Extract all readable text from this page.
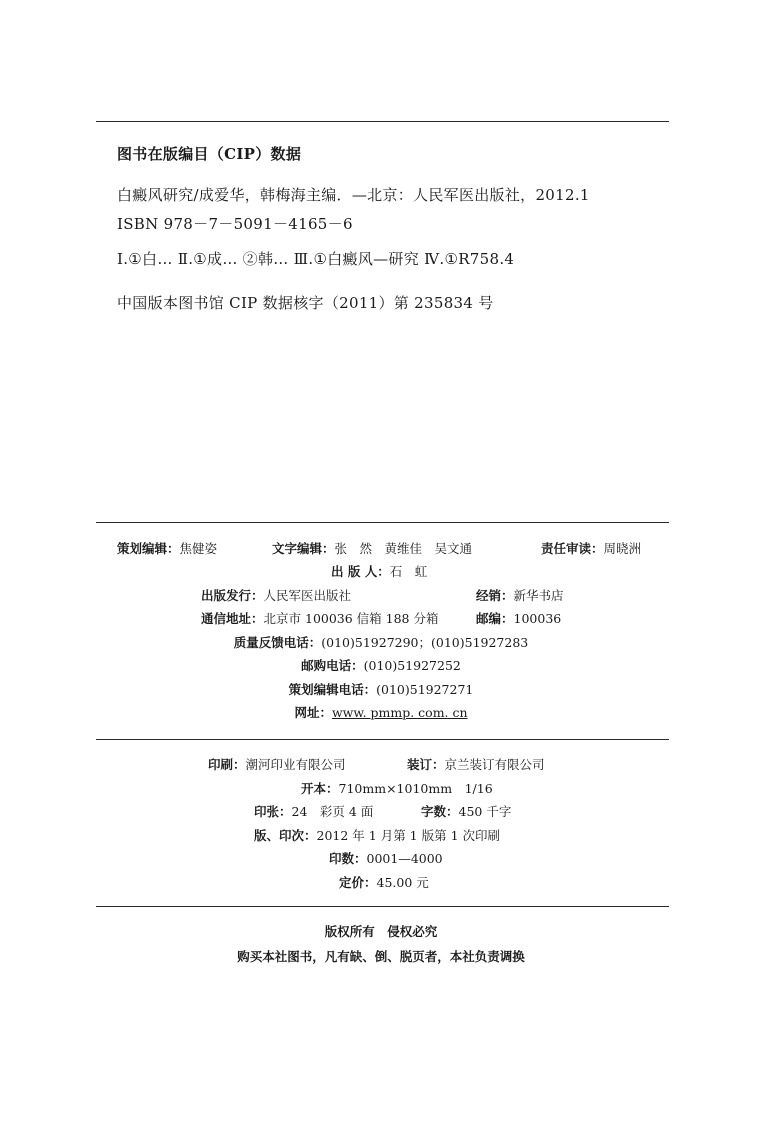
图书在版编目（CIP）数据
白癜风研究/成爱华，韩梅海主编．—北京：人民军医出版社，2012.1
ISBN 978－7－5091－4165－6
Ⅰ.①白… Ⅱ.①成… ②韩… Ⅲ.①白癜风—研究 Ⅳ.①R758.4
中国版本图书馆 CIP 数据核字（2011）第 235834 号
策划编辑：焦健姿	文字编辑：张　然　黄维佳　吴文通	责任审读：周晓洲
出 版 人：石　虹
出版发行：人民军医出版社	经销：新华书店
通信地址：北京市 100036 信箱 188 分箱	邮编：100036
质量反馈电话：(010)51927290；(010)51927283
邮购电话：(010)51927252
策划编辑电话：(010)51927271
网址：www. pmmp. com. cn
印刷：潮河印业有限公司	装订：京兰装订有限公司
开本：710mm×1010mm　1/16
印张：24　彩页 4 面	字数：450 千字
版、印次：2012 年 1 月第 1 版第 1 次印刷
印数：0001—4000
定价：45.00 元
版权所有　侵权必究
购买本社图书，凡有缺、倒、脱页者，本社负责调换
